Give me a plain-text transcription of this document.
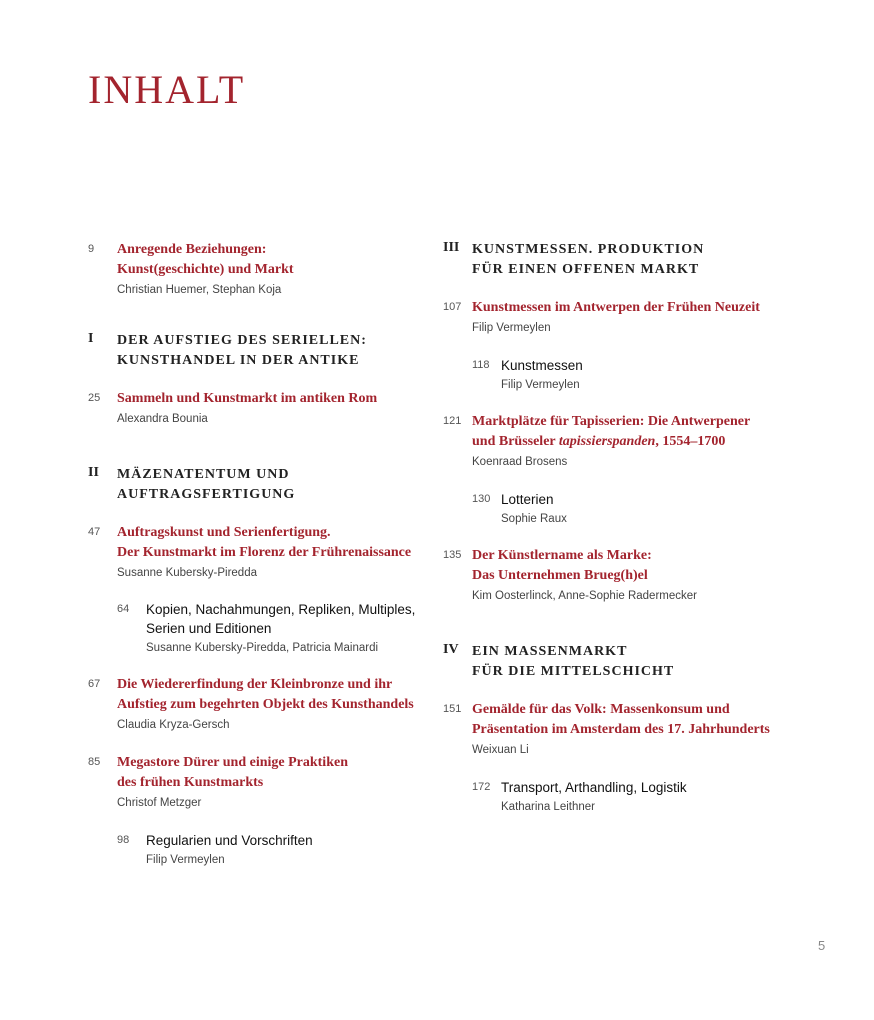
INHALT
9 Anregende Beziehungen:
Kunst(geschichte) und Markt
Christian Huemer, Stephan Koja
I DER AUFSTIEG DES SERIELLEN:
KUNSTHANDEL IN DER ANTIKE
25 Sammeln und Kunstmarkt im antiken Rom
Alexandra Bounia
II MÄZENATENTUM UND
AUFTRAGSFERTIGUNG
47 Auftragskunst und Serienfertigung.
Der Kunstmarkt im Florenz der Frührenaissance
Susanne Kubersky-Piredda
64 Kopien, Nachahmungen, Repliken, Multiples,
Serien und Editionen
Susanne Kubersky-Piredda, Patricia Mainardi
67 Die Wiedererfindung der Kleinbronze und ihr
Aufstieg zum begehrten Objekt des Kunsthandels
Claudia Kryza-Gersch
85 Megastore Dürer und einige Praktiken
des frühen Kunstmarkts
Christof Metzger
98 Regularien und Vorschriften
Filip Vermeylen
III KUNSTMESSEN. PRODUKTION
FÜR EINEN OFFENEN MARKT
107 Kunstmessen im Antwerpen der Frühen Neuzeit
Filip Vermeylen
118 Kunstmessen
Filip Vermeylen
121 Marktplätze für Tapisserien: Die Antwerpener
und Brüsseler tapissierspanden, 1554–1700
Koenraad Brosens
130 Lotterien
Sophie Raux
135 Der Künstlername als Marke:
Das Unternehmen Brueg(h)el
Kim Oosterlinck, Anne-Sophie Radermecker
IV EIN MASSENMARKT
FÜR DIE MITTELSCHICHT
151 Gemälde für das Volk: Massenkonsum und
Präsentation im Amsterdam des 17. Jahrhunderts
Weixuan Li
172 Transport, Arthandling, Logistik
Katharina Leithner
5
